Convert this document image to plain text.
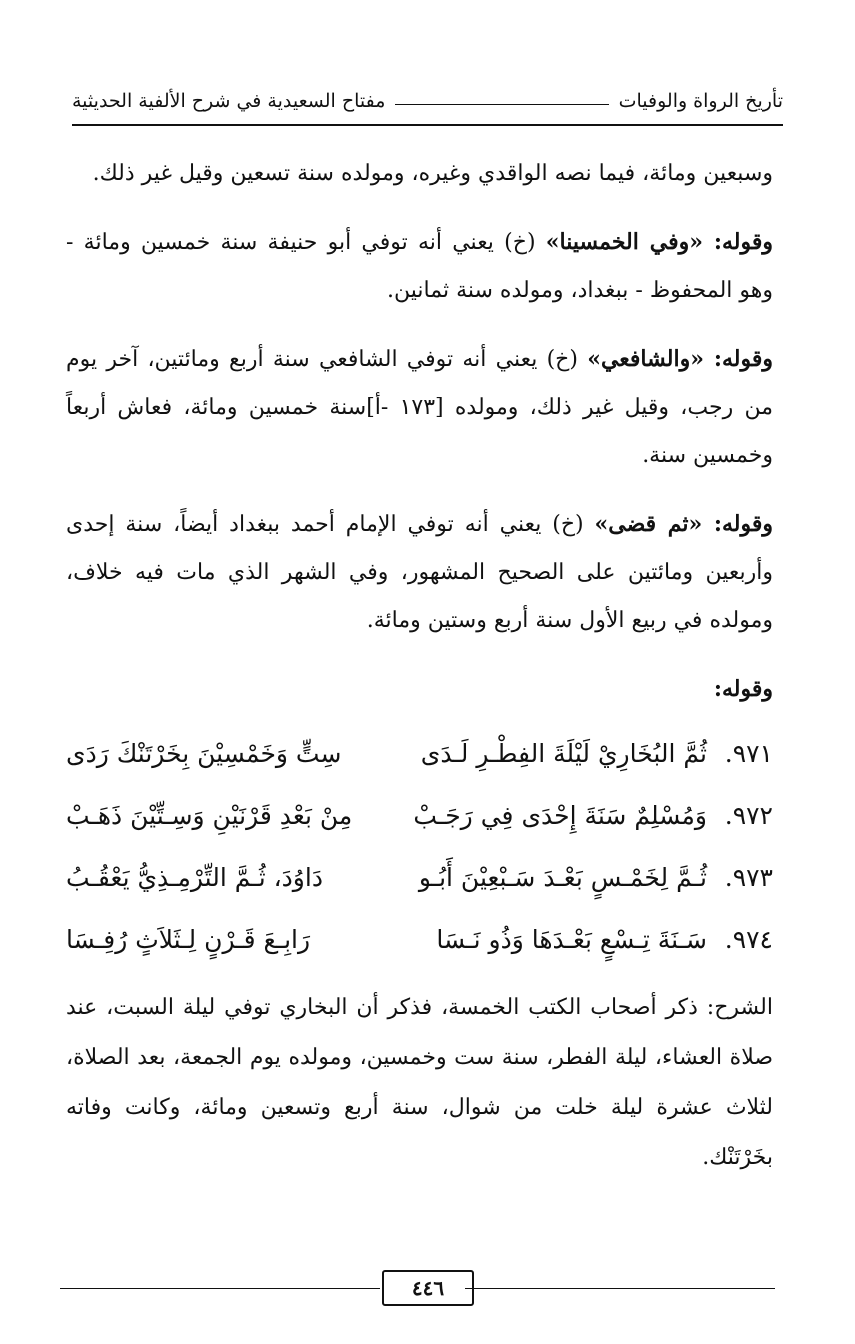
مفتاح السعيدية في شرح الألفية الحديثية	تأريخ الرواة والوفيات

وسبعين ومائة، فيما نصه الواقدي وغيره، ومولده سنة تسعين وقيل غير ذلك.

وقوله: «وفي الخمسينا» (خ) يعني أنه توفي أبو حنيفة سنة خمسين ومائة - وهو المحفوظ - ببغداد، ومولده سنة ثمانين.

وقوله: «والشافعي» (خ) يعني أنه توفي الشافعي سنة أربع ومائتين، آخر يوم من رجب، وقيل غير ذلك، ومولده [١٧٣ -أ]سنة خمسين ومائة، فعاش أربعاً وخمسين سنة.

وقوله: «ثم قضى» (خ) يعني أنه توفي الإمام أحمد ببغداد أيضاً، سنة إحدى وأربعين ومائتين على الصحيح المشهور، وفي الشهر الذي مات فيه خلاف، ومولده في ربيع الأول سنة أربع وستين ومائة.

وقوله:
٩٧١.
ثُمَّ البُخَارِيْ لَيْلَةَ الفِطْـرِ لَـدَى
سِتٍّ وَخَمْسِيْنَ بِخَرْتَنْكَ رَدَى
٩٧٢.
وَمُسْلِمٌ سَنَةَ إِحْدَى فِي رَجَـبْ
مِنْ بَعْدِ قَرْنَيْنِ وَسِـتِّيْنَ ذَهَـبْ
٩٧٣.
ثُـمَّ لِخَمْـسٍ بَعْـدَ سَـبْعِيْنَ أَبُـو
دَاوُدَ، ثُـمَّ التِّرْمِـذِيُّ يَعْقُـبُ
٩٧٤.
سَـنَةَ تِـسْعٍ بَعْـدَهَا وَذُو نَـسَا
رَابِـعَ قَـرْنٍ لِـثَلاَثٍ رُفِـسَا

الشرح: ذكر أصحاب الكتب الخمسة، فذكر أن البخاري توفي ليلة السبت، عند صلاة العشاء، ليلة الفطر، سنة ست وخمسين، ومولده يوم الجمعة، بعد الصلاة، لثلاث عشرة ليلة خلت من شوال، سنة أربع وتسعين ومائة، وكانت وفاته بخَرْتَنْك.

٤٤٦
